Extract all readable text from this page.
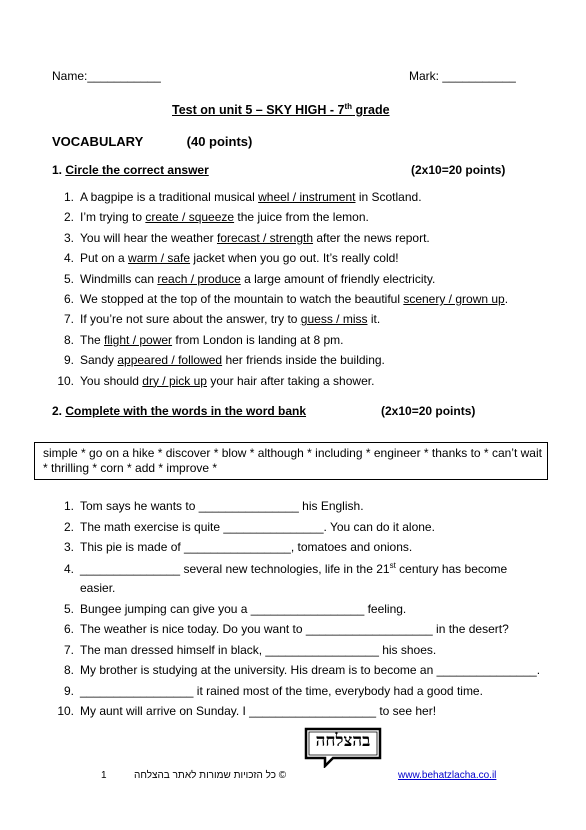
Name:___________	Mark: ___________
Test on unit 5 – SKY HIGH - 7th grade
VOCABULARY	(40 points)
1. Circle the correct answer	(2x10=20 points)
1. A bagpipe is a traditional musical wheel / instrument in Scotland.
2. I’m trying to create / squeeze the juice from the lemon.
3. You will hear the weather forecast / strength after the news report.
4. Put on a warm / safe jacket when you go out. It’s really cold!
5. Windmills can reach / produce a large amount of friendly electricity.
6. We stopped at the top of the mountain to watch the beautiful scenery / grown up.
7. If you’re not sure about the answer, try to guess / miss it.
8. The flight / power from London is landing at 8 pm.
9. Sandy appeared / followed her friends inside the building.
10. You should dry / pick up your hair after taking a shower.
2. Complete with the words in the word bank	(2x10=20 points)
simple * go on a hike * discover * blow * although * including * engineer * thanks to * can’t wait
* thrilling * corn * add * improve *
1. Tom says he wants to _______________ his English.
2. The math exercise is quite _______________. You can do it alone.
3. This pie is made of ________________, tomatoes and onions.
4. _______________ several new technologies, life in the 21st century has become
easier.
5. Bungee jumping can give you a _________________ feeling.
6. The weather is nice today. Do you want to ___________________ in the desert?
7. The man dressed himself in black, _________________ his shoes.
8. My brother is studying at the university. His dream is to become an _______________.
9. _________________ it rained most of the time, everybody had a good time.
10. My aunt will arrive on Sunday. I ___________________ to see her!
בהצלחה
1	© כל הזכויות שמורות לאתר בהצלחה	www.behatzlacha.co.il
